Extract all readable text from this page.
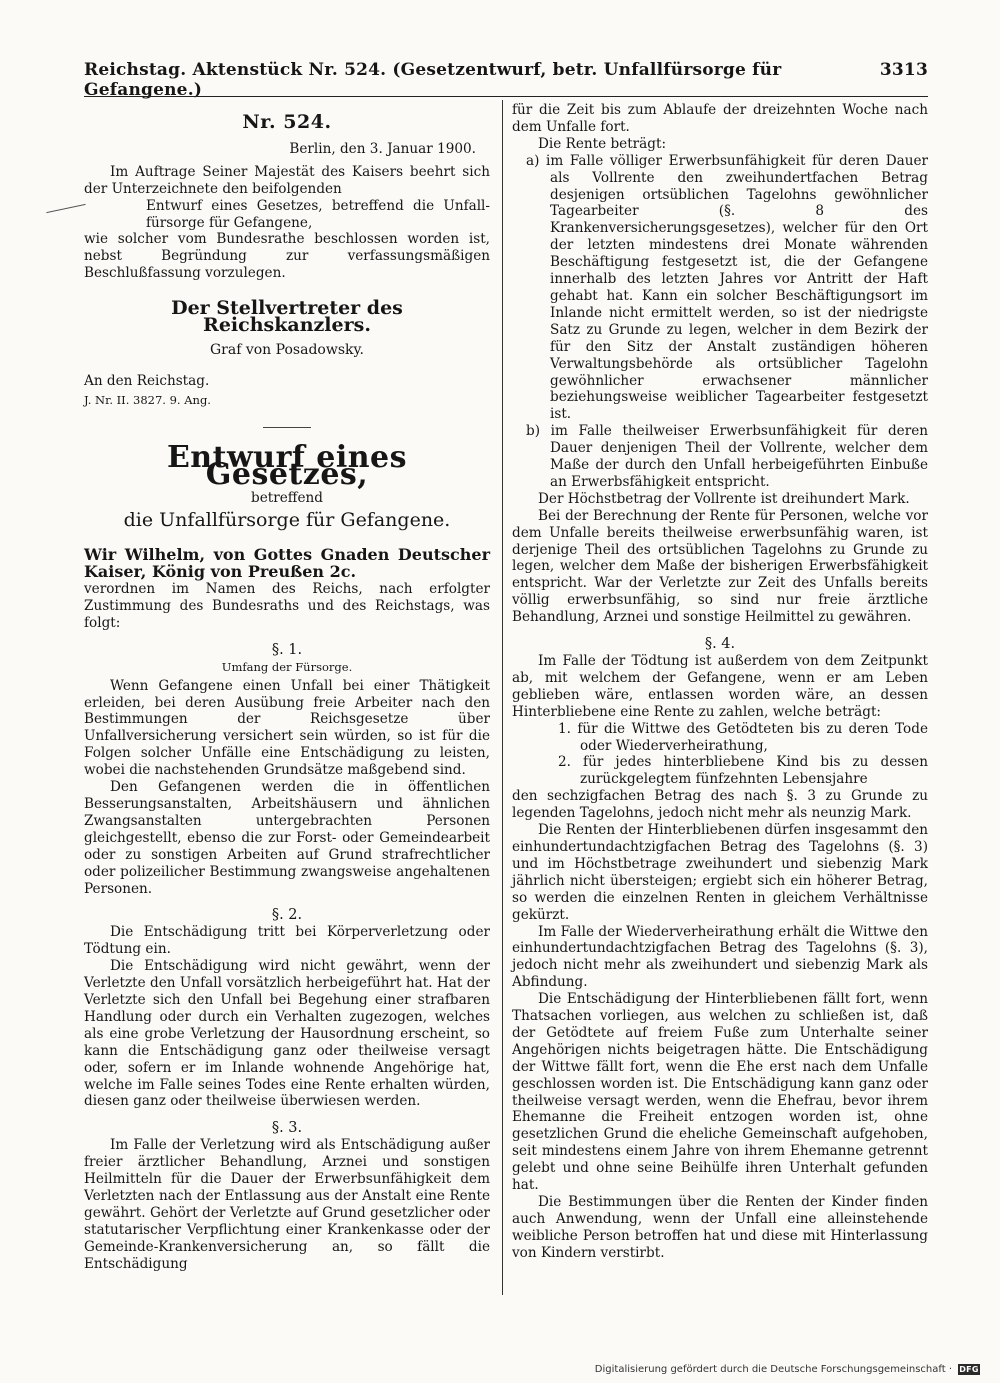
Reichstag. Aktenstück Nr. 524. (Gesetzentwurf, betr. Unfallfürsorge für Gefangene.)
3313

Nr. 524.

Berlin, den 3. Januar 1900.

Im Auftrage Seiner Majestät des Kaisers beehrt sich der Unterzeichnete den beifolgenden

Entwurf eines Gesetzes, betreffend die Unfall-fürsorge für Gefangene,

wie solcher vom Bundesrathe beschlossen worden ist, nebst Begründung zur verfassungsmäßigen Beschlußfassung vorzulegen.

Der Stellvertreter des Reichskanzlers.

Graf von Posadowsky.

An den Reichstag.

J. Nr. II. 3827. 9. Ang.

Entwurf eines Gesetzes,

betreffend

die Unfallfürsorge für Gefangene.

Wir Wilhelm, von Gottes Gnaden Deutscher Kaiser, König von Preußen 2c.

verordnen im Namen des Reichs, nach erfolgter Zustimmung des Bundesraths und des Reichstags, was folgt:

§. 1.

Umfang der Fürsorge.

Wenn Gefangene einen Unfall bei einer Thätigkeit erleiden, bei deren Ausübung freie Arbeiter nach den Bestimmungen der Reichsgesetze über Unfallversicherung versichert sein würden, so ist für die Folgen solcher Unfälle eine Entschädigung zu leisten, wobei die nachstehenden Grundsätze maßgebend sind.

Den Gefangenen werden die in öffentlichen Besserungsanstalten, Arbeitshäusern und ähnlichen Zwangsanstalten untergebrachten Personen gleichgestellt, ebenso die zur Forst- oder Gemeindearbeit oder zu sonstigen Arbeiten auf Grund strafrechtlicher oder polizeilicher Bestimmung zwangsweise angehaltenen Personen.

§. 2.

Die Entschädigung tritt bei Körperverletzung oder Tödtung ein.

Die Entschädigung wird nicht gewährt, wenn der Verletzte den Unfall vorsätzlich herbeigeführt hat. Hat der Verletzte sich den Unfall bei Begehung einer strafbaren Handlung oder durch ein Verhalten zugezogen, welches als eine grobe Verletzung der Hausordnung erscheint, so kann die Entschädigung ganz oder theilweise versagt oder, sofern er im Inlande wohnende Angehörige hat, welche im Falle seines Todes eine Rente erhalten würden, diesen ganz oder theilweise überwiesen werden.

§. 3.

Im Falle der Verletzung wird als Entschädigung außer freier ärztlicher Behandlung, Arznei und sonstigen Heilmitteln für die Dauer der Erwerbsunfähigkeit dem Verletzten nach der Entlassung aus der Anstalt eine Rente gewährt. Gehört der Verletzte auf Grund gesetzlicher oder statutarischer Verpflichtung einer Krankenkasse oder der Gemeinde-Krankenversicherung an, so fällt die Entschädigung

für die Zeit bis zum Ablaufe der dreizehnten Woche nach dem Unfalle fort.

Die Rente beträgt:

a) im Falle völliger Erwerbsunfähigkeit für deren Dauer als Vollrente den zweihundertfachen Betrag desjenigen ortsüblichen Tagelohns gewöhnlicher Tagearbeiter (§. 8 des Krankenversicherungsgesetzes), welcher für den Ort der letzten mindestens drei Monate währenden Beschäftigung festgesetzt ist, die der Gefangene innerhalb des letzten Jahres vor Antritt der Haft gehabt hat. Kann ein solcher Beschäftigungsort im Inlande nicht ermittelt werden, so ist der niedrigste Satz zu Grunde zu legen, welcher in dem Bezirk der für den Sitz der Anstalt zuständigen höheren Verwaltungsbehörde als ortsüblicher Tagelohn gewöhnlicher erwachsener männlicher beziehungsweise weiblicher Tagearbeiter festgesetzt ist.

b) im Falle theilweiser Erwerbsunfähigkeit für deren Dauer denjenigen Theil der Vollrente, welcher dem Maße der durch den Unfall herbeigeführten Einbuße an Erwerbsfähigkeit entspricht.

Der Höchstbetrag der Vollrente ist dreihundert Mark.

Bei der Berechnung der Rente für Personen, welche vor dem Unfalle bereits theilweise erwerbsunfähig waren, ist derjenige Theil des ortsüblichen Tagelohns zu Grunde zu legen, welcher dem Maße der bisherigen Erwerbsfähigkeit entspricht. War der Verletzte zur Zeit des Unfalls bereits völlig erwerbsunfähig, so sind nur freie ärztliche Behandlung, Arznei und sonstige Heilmittel zu gewähren.

§. 4.

Im Falle der Tödtung ist außerdem von dem Zeitpunkt ab, mit welchem der Gefangene, wenn er am Leben geblieben wäre, entlassen worden wäre, an dessen Hinterbliebene eine Rente zu zahlen, welche beträgt:

1. für die Wittwe des Getödteten bis zu deren Tode oder Wiederverheirathung,

2. für jedes hinterbliebene Kind bis zu dessen zurückgelegtem fünfzehnten Lebensjahre

den sechzigfachen Betrag des nach §. 3 zu Grunde zu legenden Tagelohns, jedoch nicht mehr als neunzig Mark.

Die Renten der Hinterbliebenen dürfen insgesammt den einhundertundachtzigfachen Betrag des Tagelohns (§. 3) und im Höchstbetrage zweihundert und siebenzig Mark jährlich nicht übersteigen; ergiebt sich ein höherer Betrag, so werden die einzelnen Renten in gleichem Verhältnisse gekürzt.

Im Falle der Wiederverheirathung erhält die Wittwe den einhundertundachtzigfachen Betrag des Tagelohns (§. 3), jedoch nicht mehr als zweihundert und siebenzig Mark als Abfindung.

Die Entschädigung der Hinterbliebenen fällt fort, wenn Thatsachen vorliegen, aus welchen zu schließen ist, daß der Getödtete auf freiem Fuße zum Unterhalte seiner Angehörigen nichts beigetragen hätte. Die Entschädigung der Wittwe fällt fort, wenn die Ehe erst nach dem Unfalle geschlossen worden ist. Die Entschädigung kann ganz oder theilweise versagt werden, wenn die Ehefrau, bevor ihrem Ehemanne die Freiheit entzogen worden ist, ohne gesetzlichen Grund die eheliche Gemeinschaft aufgehoben, seit mindestens einem Jahre von ihrem Ehemanne getrennt gelebt und ohne seine Beihülfe ihren Unterhalt gefunden hat.

Die Bestimmungen über die Renten der Kinder finden auch Anwendung, wenn der Unfall eine alleinstehende weibliche Person betroffen hat und diese mit Hinterlassung von Kindern verstirbt.

Digitalisierung gefördert durch die Deutsche Forschungsgemeinschaft · DFG
